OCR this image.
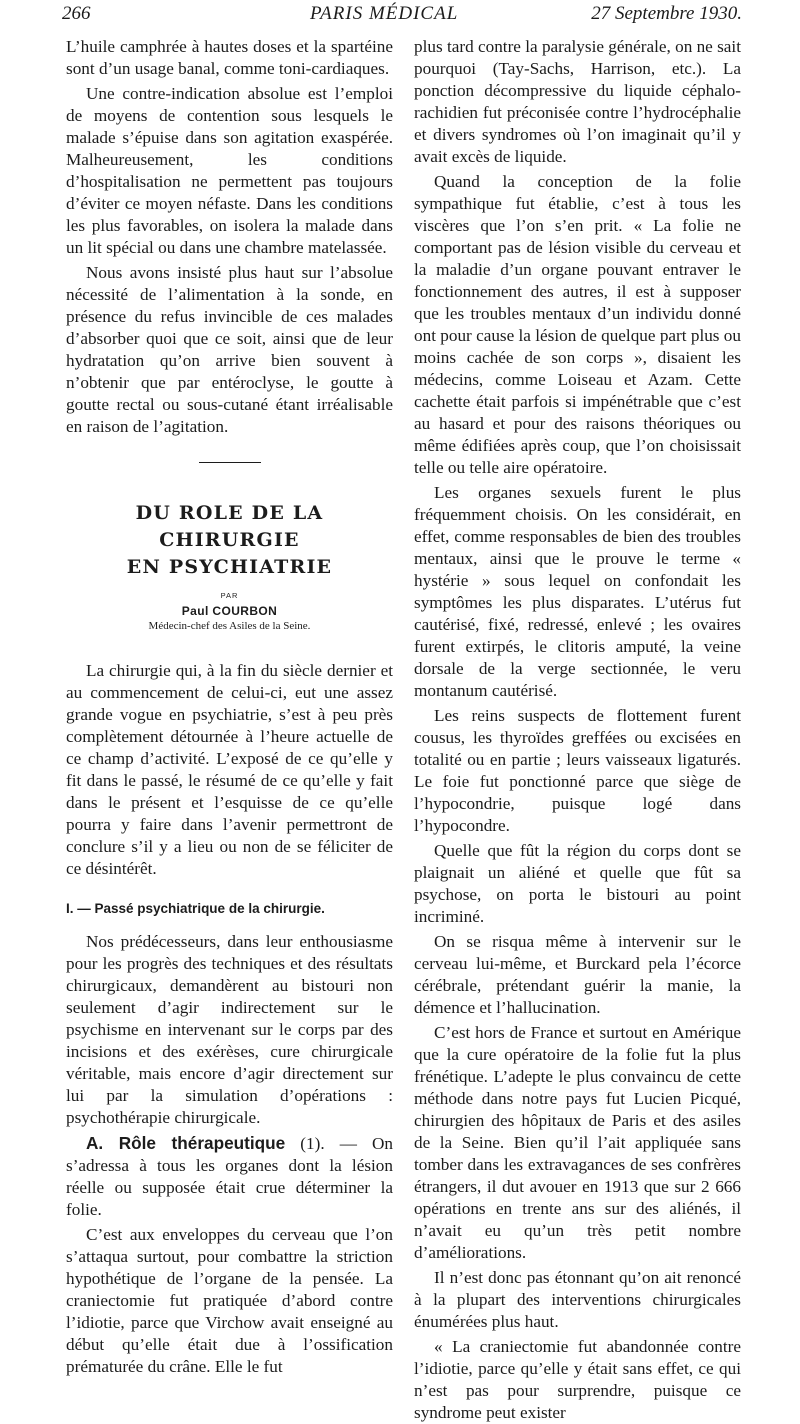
266	PARIS MÉDICAL	27 Septembre 1930.

L’huile camphrée à hautes doses et la spartéine sont d’un usage banal, comme toni-cardiaques.

Une contre-indication absolue est l’emploi de moyens de contention sous lesquels le malade s’épuise dans son agitation exaspérée. Malheureusement, les conditions d’hospitalisation ne permettent pas toujours d’éviter ce moyen néfaste. Dans les conditions les plus favorables, on isolera la malade dans un lit spécial ou dans une chambre matelassée.

Nous avons insisté plus haut sur l’absolue nécessité de l’alimentation à la sonde, en présence du refus invincible de ces malades d’absorber quoi que ce soit, ainsi que de leur hydratation qu’on arrive bien souvent à n’obtenir que par entéroclyse, le goutte à goutte rectal ou sous-cutané étant irréalisable en raison de l’agitation.

DU ROLE DE LA CHIRURGIE
EN PSYCHIATRIE
PAR
Paul COURBON
Médecin-chef des Asiles de la Seine.

La chirurgie qui, à la fin du siècle dernier et au commencement de celui-ci, eut une assez grande vogue en psychiatrie, s’est à peu près complètement détournée à l’heure actuelle de ce champ d’activité. L’exposé de ce qu’elle y fit dans le passé, le résumé de ce qu’elle y fait dans le présent et l’esquisse de ce qu’elle pourra y faire dans l’avenir permettront de conclure s’il y a lieu ou non de se féliciter de ce désintérêt.

I. — Passé psychiatrique de la chirurgie.

Nos prédécesseurs, dans leur enthousiasme pour les progrès des techniques et des résultats chirurgicaux, demandèrent au bistouri non seulement d’agir indirectement sur le psychisme en intervenant sur le corps par des incisions et des exérèses, cure chirurgicale véritable, mais encore d’agir directement sur lui par la simulation d’opérations : psychothérapie chirurgicale.

A. Rôle thérapeutique (1). — On s’adressa à tous les organes dont la lésion réelle ou supposée était crue déterminer la folie.

C’est aux enveloppes du cerveau que l’on s’attaqua surtout, pour combattre la striction hypothétique de l’organe de la pensée. La craniectomie fut pratiquée d’abord contre l’idiotie, parce que Virchow avait enseigné au début qu’elle était due à l’ossification prématurée du crâne. Elle le fut

plus tard contre la paralysie générale, on ne sait pourquoi (Tay-Sachs, Harrison, etc.). La ponction décompressive du liquide céphalo-rachidien fut préconisée contre l’hydrocéphalie et divers syndromes où l’on imaginait qu’il y avait excès de liquide.

Quand la conception de la folie sympathique fut établie, c’est à tous les viscères que l’on s’en prit. « La folie ne comportant pas de lésion visible du cerveau et la maladie d’un organe pouvant entraver le fonctionnement des autres, il est à supposer que les troubles mentaux d’un individu donné ont pour cause la lésion de quelque part plus ou moins cachée de son corps », disaient les médecins, comme Loiseau et Azam. Cette cachette était parfois si impénétrable que c’est au hasard et pour des raisons théoriques ou même édifiées après coup, que l’on choisissait telle ou telle aire opératoire.

Les organes sexuels furent le plus fréquemment choisis. On les considérait, en effet, comme responsables de bien des troubles mentaux, ainsi que le prouve le terme « hystérie » sous lequel on confondait les symptômes les plus disparates. L’utérus fut cautérisé, fixé, redressé, enlevé ; les ovaires furent extirpés, le clitoris amputé, la veine dorsale de la verge sectionnée, le veru montanum cautérisé.

Les reins suspects de flottement furent cousus, les thyroïdes greffées ou excisées en totalité ou en partie ; leurs vaisseaux ligaturés. Le foie fut ponctionné parce que siège de l’hypocondrie, puisque logé dans l’hypocondre.

Quelle que fût la région du corps dont se plaignait un aliéné et quelle que fût sa psychose, on porta le bistouri au point incriminé.

On se risqua même à intervenir sur le cerveau lui-même, et Burckard pela l’écorce cérébrale, prétendant guérir la manie, la démence et l’hallucination.

C’est hors de France et surtout en Amérique que la cure opératoire de la folie fut la plus frénétique. L’adepte le plus convaincu de cette méthode dans notre pays fut Lucien Picqué, chirurgien des hôpitaux de Paris et des asiles de la Seine. Bien qu’il l’ait appliquée sans tomber dans les extravagances de ses confrères étrangers, il dut avouer en 1913 que sur 2 666 opérations en trente ans sur des aliénés, il n’avait eu qu’un très petit nombre d’améliorations.

Il n’est donc pas étonnant qu’on ait renoncé à la plupart des interventions chirurgicales énumérées plus haut.

« La craniectomie fut abandonnée contre l’idiotie, parce qu’elle y était sans effet, ce qui n’est pas pour surprendre, puisque ce syndrome peut exister
